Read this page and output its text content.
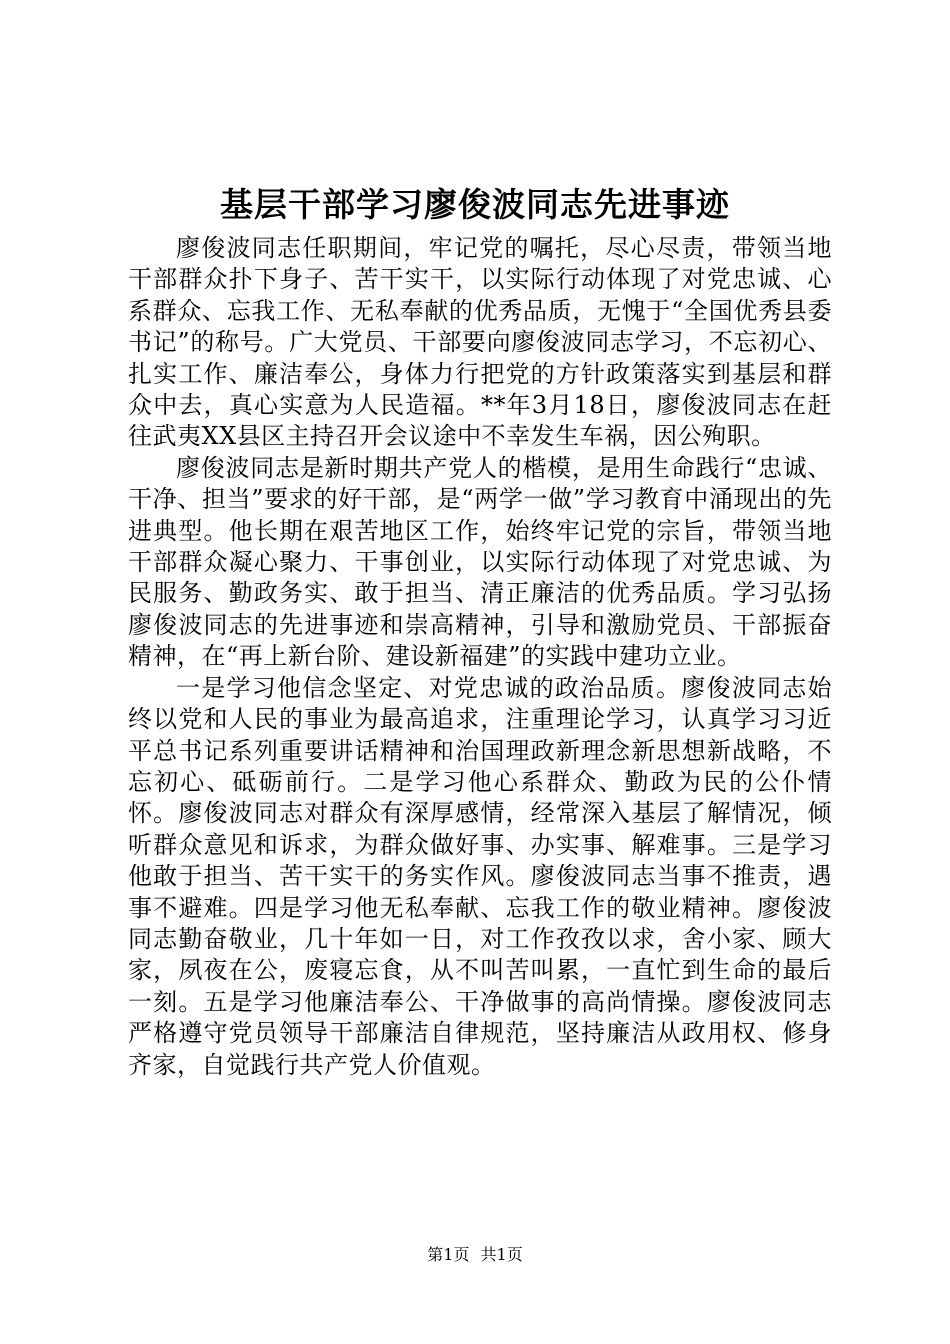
基层干部学习廖俊波同志先进事迹

廖俊波同志任职期间，牢记党的嘱托，尽心尽责，带领当地干部群众扑下身子、苦干实干，以实际行动体现了对党忠诚、心系群众、忘我工作、无私奉献的优秀品质，无愧于“全国优秀县委书记”的称号。广大党员、干部要向廖俊波同志学习，不忘初心、扎实工作、廉洁奉公，身体力行把党的方针政策落实到基层和群众中去，真心实意为人民造福。**年3月18日，廖俊波同志在赶往武夷XX县区主持召开会议途中不幸发生车祸，因公殉职。

廖俊波同志是新时期共产党人的楷模，是用生命践行“忠诚、干净、担当”要求的好干部，是“两学一做”学习教育中涌现出的先进典型。他长期在艰苦地区工作，始终牢记党的宗旨，带领当地干部群众凝心聚力、干事创业，以实际行动体现了对党忠诚、为民服务、勤政务实、敢于担当、清正廉洁的优秀品质。学习弘扬廖俊波同志的先进事迹和崇高精神，引导和激励党员、干部振奋精神，在“再上新台阶、建设新福建”的实践中建功立业。

一是学习他信念坚定、对党忠诚的政治品质。廖俊波同志始终以党和人民的事业为最高追求，注重理论学习，认真学习习近平总书记系列重要讲话精神和治国理政新理念新思想新战略，不忘初心、砥砺前行。二是学习他心系群众、勤政为民的公仆情怀。廖俊波同志对群众有深厚感情，经常深入基层了解情况，倾听群众意见和诉求，为群众做好事、办实事、解难事。三是学习他敢于担当、苦干实干的务实作风。廖俊波同志当事不推责，遇事不避难。四是学习他无私奉献、忘我工作的敬业精神。廖俊波同志勤奋敬业，几十年如一日，对工作孜孜以求，舍小家、顾大家，夙夜在公，废寝忘食，从不叫苦叫累，一直忙到生命的最后一刻。五是学习他廉洁奉公、干净做事的高尚情操。廖俊波同志严格遵守党员领导干部廉洁自律规范，坚持廉洁从政用权、修身齐家，自觉践行共产党人价值观。

第1页 共1页
